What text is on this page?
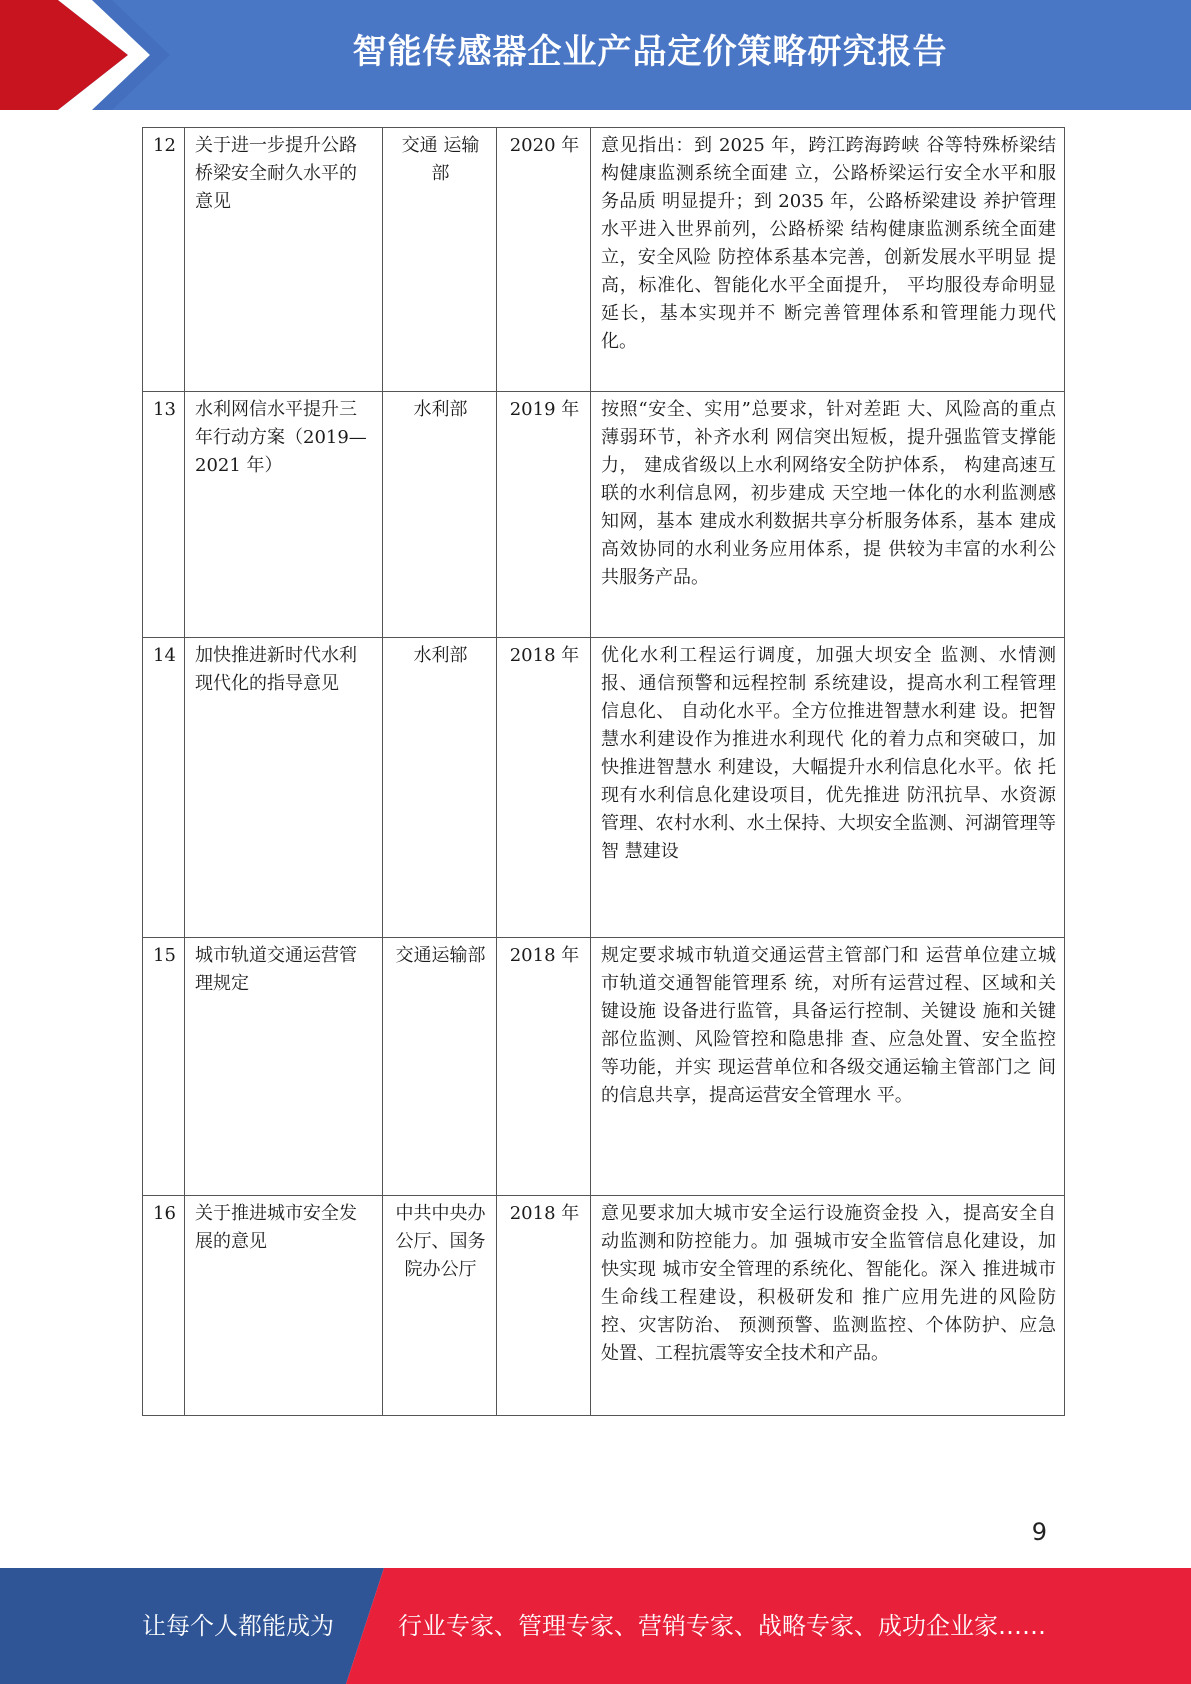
智能传感器企业产品定价策略研究报告
12	关于进一步提升公路桥梁安全耐久水平的意见	交通 运输部	2020 年	意见指出：到 2025 年，跨江跨海跨峡 谷等特殊桥梁结构健康监测系统全面建 立，公路桥梁运行安全水平和服务品质 明显提升；到 2035 年，公路桥梁建设 养护管理水平进入世界前列，公路桥梁 结构健康监测系统全面建立，安全风险 防控体系基本完善，创新发展水平明显 提高，标准化、智能化水平全面提升， 平均服役寿命明显延长，基本实现并不 断完善管理体系和管理能力现代化。
13	水利网信水平提升三年行动方案（2019—2021 年）	水利部	2019 年	按照“安全、实用”总要求，针对差距 大、风险高的重点薄弱环节，补齐水利 网信突出短板，提升强监管支撑能力， 建成省级以上水利网络安全防护体系， 构建高速互联的水利信息网，初步建成 天空地一体化的水利监测感知网，基本 建成水利数据共享分析服务体系，基本 建成高效协同的水利业务应用体系，提 供较为丰富的水利公共服务产品。
14	加快推进新时代水利现代化的指导意见	水利部	2018 年	优化水利工程运行调度，加强大坝安全 监测、水情测报、通信预警和远程控制 系统建设，提高水利工程管理信息化、 自动化水平。全方位推进智慧水利建 设。把智慧水利建设作为推进水利现代 化的着力点和突破口，加快推进智慧水 利建设，大幅提升水利信息化水平。依 托现有水利信息化建设项目，优先推进 防汛抗旱、水资源管理、农村水利、水土保持、大坝安全监测、河湖管理等智 慧建设
15	城市轨道交通运营管理规定	交通运输部	2018 年	规定要求城市轨道交通运营主管部门和 运营单位建立城市轨道交通智能管理系 统，对所有运营过程、区域和关键设施 设备进行监管，具备运行控制、关键设 施和关键部位监测、风险管控和隐患排 查、应急处置、安全监控等功能，并实 现运营单位和各级交通运输主管部门之 间的信息共享，提高运营安全管理水 平。
16	关于推进城市安全发展的意见	中共中央办公厅、国务院办公厅	2018 年	意见要求加大城市安全运行设施资金投 入，提高安全自动监测和防控能力。加 强城市安全监管信息化建设，加快实现 城市安全管理的系统化、智能化。深入 推进城市生命线工程建设，积极研发和 推广应用先进的风险防控、灾害防治、 预测预警、监测监控、个体防护、应急 处置、工程抗震等安全技术和产品。
9
让每个人都能成为	行业专家、管理专家、营销专家、战略专家、成功企业家……
